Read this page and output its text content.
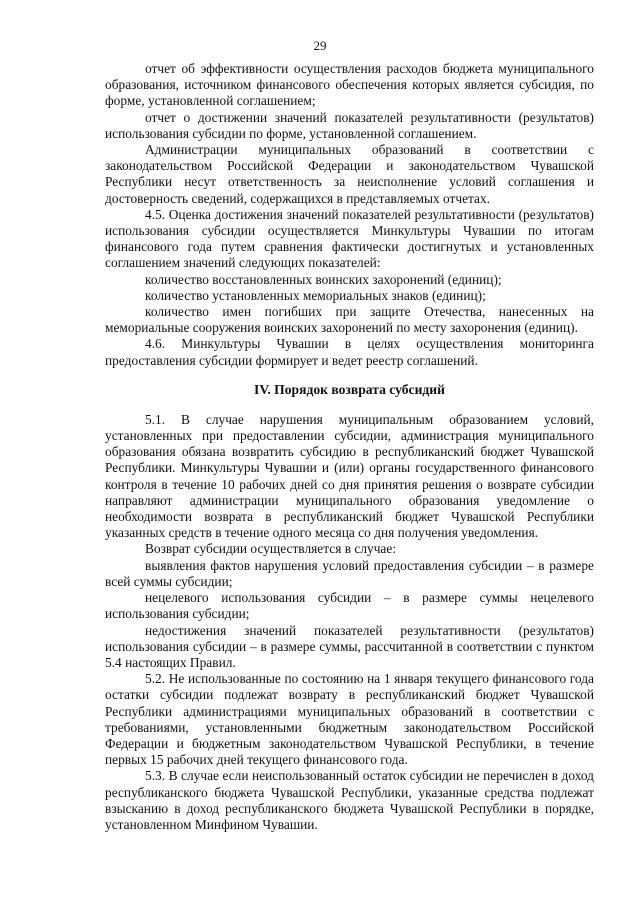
29

отчет об эффективности осуществления расходов бюджета муниципального образования, источником финансового обеспечения которых является субсидия, по форме, установленной соглашением;

отчет о достижении значений показателей результативности (результатов) использования субсидии по форме, установленной соглашением.

Администрации муниципальных образований в соответствии с законодательством Российской Федерации и законодательством Чувашской Республики несут ответственность за неисполнение условий соглашения и достоверность сведений, содержащихся в представляемых отчетах.

4.5. Оценка достижения значений показателей результативности (результатов) использования субсидии осуществляется Минкультуры Чувашии по итогам финансового года путем сравнения фактически достигнутых и установленных соглашением значений следующих показателей:

количество восстановленных воинских захоронений (единиц);

количество установленных мемориальных знаков (единиц);

количество имен погибших при защите Отечества, нанесенных на мемориальные сооружения воинских захоронений по месту захоронения (единиц).

4.6. Минкультуры Чувашии в целях осуществления мониторинга предоставления субсидии формирует и ведет реестр соглашений.

IV. Порядок возврата субсидий

5.1. В случае нарушения муниципальным образованием условий, установленных при предоставлении субсидии, администрация муниципального образования обязана возвратить субсидию в республиканский бюджет Чувашской Республики. Минкультуры Чувашии и (или) органы государственного финансового контроля в течение 10 рабочих дней со дня принятия решения о возврате субсидии направляют администрации муниципального образования уведомление о необходимости возврата в республиканский бюджет Чувашской Республики указанных средств в течение одного месяца со дня получения уведомления.

Возврат субсидии осуществляется в случае:

выявления фактов нарушения условий предоставления субсидии – в размере всей суммы субсидии;

нецелевого использования субсидии – в размере суммы нецелевого использования субсидии;

недостижения значений показателей результативности (результатов) использования субсидии – в размере суммы, рассчитанной в соответствии с пунктом 5.4 настоящих Правил.

5.2. Не использованные по состоянию на 1 января текущего финансового года остатки субсидии подлежат возврату в республиканский бюджет Чувашской Республики администрациями муниципальных образований в соответствии с требованиями, установленными бюджетным законодательством Российской Федерации и бюджетным законодательством Чувашской Республики, в течение первых 15 рабочих дней текущего финансового года.

5.3. В случае если неиспользованный остаток субсидии не перечислен в доход республиканского бюджета Чувашской Республики, указанные средства подлежат взысканию в доход республиканского бюджета Чувашской Республики в порядке, установленном Минфином Чувашии.
